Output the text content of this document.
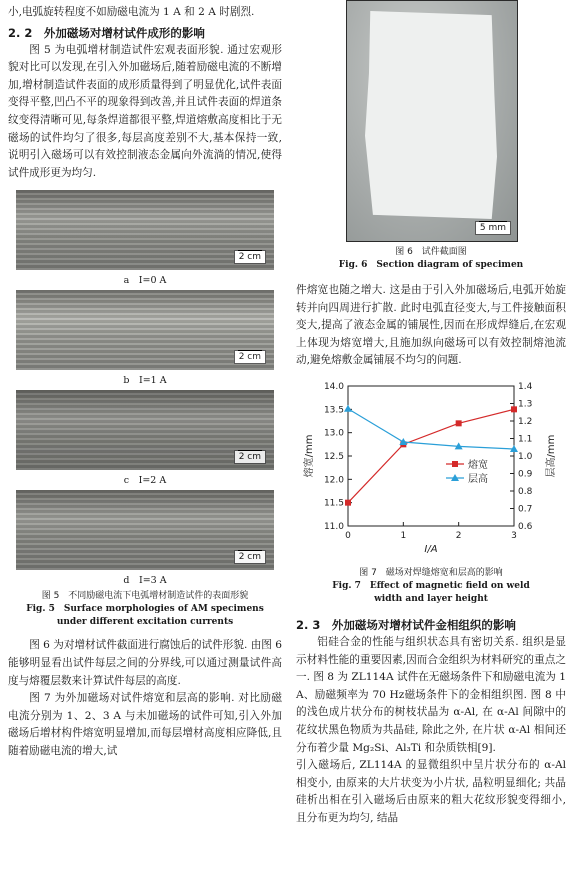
小,电弧旋转程度不如励磁电流为 1 A 和 2 A 时剧烈.

2. 2　外加磁场对增材试件成形的影响

图 5 为电弧增材制造试件宏观表面形貌. 通过宏观形貌对比可以发现,在引入外加磁场后,随着励磁电流的不断增加,增材制造试件表面的成形质量得到了明显优化,试件表面变得平整,凹凸不平的现象得到改善,并且试件表面的焊道条纹变得清晰可见,每条焊道都很平整,焊道熔敷高度相比于无磁场的试件均匀了很多,每层高度差别不大,基本保持一致,说明引入磁场可以有效控制液态金属向外流淌的情况,使得试件成形更为均匀.

2 cm
a　I=0 A
2 cm
b　I=1 A
2 cm
c　I=2 A
2 cm
d　I=3 A
图 5　不同励磁电流下电弧增材制造试件的表面形貌
Fig. 5　Surface morphologies of AM specimens
under different excitation currents

图 6 为对增材试件截面进行腐蚀后的试件形貌. 由图 6 能够明显看出试件每层之间的分界线,可以通过测量试件高度与熔覆层数来计算试件每层的高度.

图 7 为外加磁场对试件熔宽和层高的影响. 对比励磁电流分别为 1、2、3 A 与未加磁场的试件可知,引入外加磁场后增材构件熔宽明显增加,而每层增材高度相应降低,且随着励磁电流的增大,试

5 mm
图 6　试件截面图
Fig. 6　Section diagram of specimen

件熔宽也随之增大. 这是由于引入外加磁场后,电弧开始旋转并向四周进行扩散. 此时电弧直径变大,与工件接触面积变大,提高了液态金属的铺展性,因而在形成焊缝后,在宏观上体现为熔宽增大,且施加纵向磁场可以有效控制熔池流动,避免熔敷金属铺展不均匀的问题.

11.0
11.5
12.0
12.5
13.0
13.5
14.0
0.6
0.7
0.8
0.9
1.0
1.1
1.2
1.3
1.4
0	1	2	3
I/A
熔宽/mm	层高/mm
熔宽
层高
图 7　磁场对焊缝熔宽和层高的影响
Fig. 7　Effect of magnetic field on weld
width and layer height
2. 3　外加磁场对增材试件金相组织的影响

铝硅合金的性能与组织状态具有密切关系. 组织是显示材料性能的重要因素,因而合金组织为材料研究的重点之一. 图 8 为 ZL114A 试件在无磁场条件下和励磁电流为 1 A、励磁频率为 70 Hz磁场条件下的金相组织图. 图 8 中的浅色成片状分布的树枝状晶为 α-Al, 在 α-Al 间隙中的花纹状黑色物质为共晶硅, 除此之外, 在片状 α-Al 相间还分布着少量 Mg₂Si、Al₃Ti 和杂质铁相[9].

引入磁场后, ZL114A 的显微组织中呈片状分布的 α-Al 相变小, 由原来的大片状变为小片状, 晶粒明显细化; 共晶硅析出相在引入磁场后由原来的粗大花纹形貌变得细小, 且分布更为均匀, 结晶
